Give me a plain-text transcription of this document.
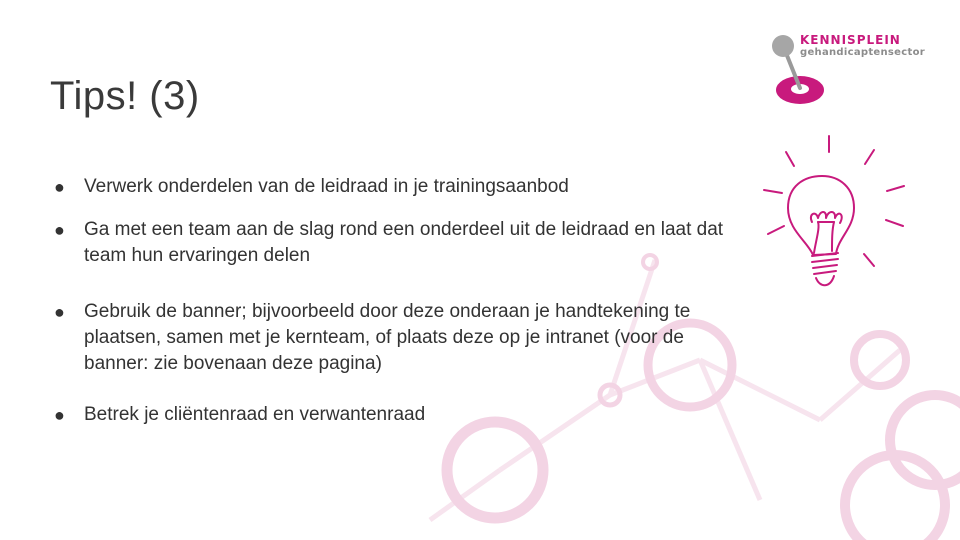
Tips! (3)
● Verwerk onderdelen van de leidraad in je trainingsaanbod
● Ga met een team aan de slag rond een onderdeel uit de leidraad en laat dat team hun ervaringen delen
● Gebruik de banner; bijvoorbeeld door deze onderaan je handtekening te plaatsen, samen met je kernteam, of plaats deze op je intranet (voor de banner: zie bovenaan deze pagina)
● Betrek je cliëntenraad en verwantenraad
KENNISPLEIN
gehandicaptensector
